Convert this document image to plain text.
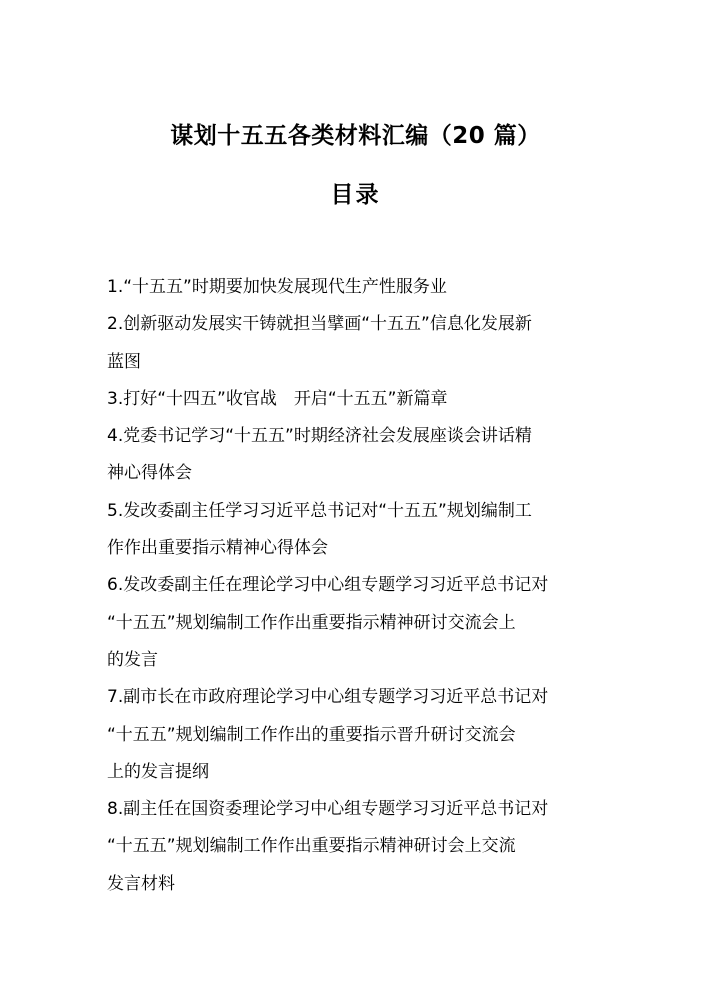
谋划十五五各类材料汇编（20 篇）
目录
1.“十五五”时期要加快发展现代生产性服务业
2.创新驱动发展实干铸就担当擘画“十五五”信息化发展新
蓝图
3.打好“十四五”收官战　开启“十五五”新篇章
4.党委书记学习“十五五”时期经济社会发展座谈会讲话精
神心得体会
5.发改委副主任学习习近平总书记对“十五五”规划编制工
作作出重要指示精神心得体会
6.发改委副主任在理论学习中心组专题学习习近平总书记对
“十五五”规划编制工作作出重要指示精神研讨交流会上
的发言
7.副市长在市政府理论学习中心组专题学习习近平总书记对
“十五五”规划编制工作作出的重要指示晋升研讨交流会
上的发言提纲
8.副主任在国资委理论学习中心组专题学习习近平总书记对
“十五五”规划编制工作作出重要指示精神研讨会上交流
发言材料
